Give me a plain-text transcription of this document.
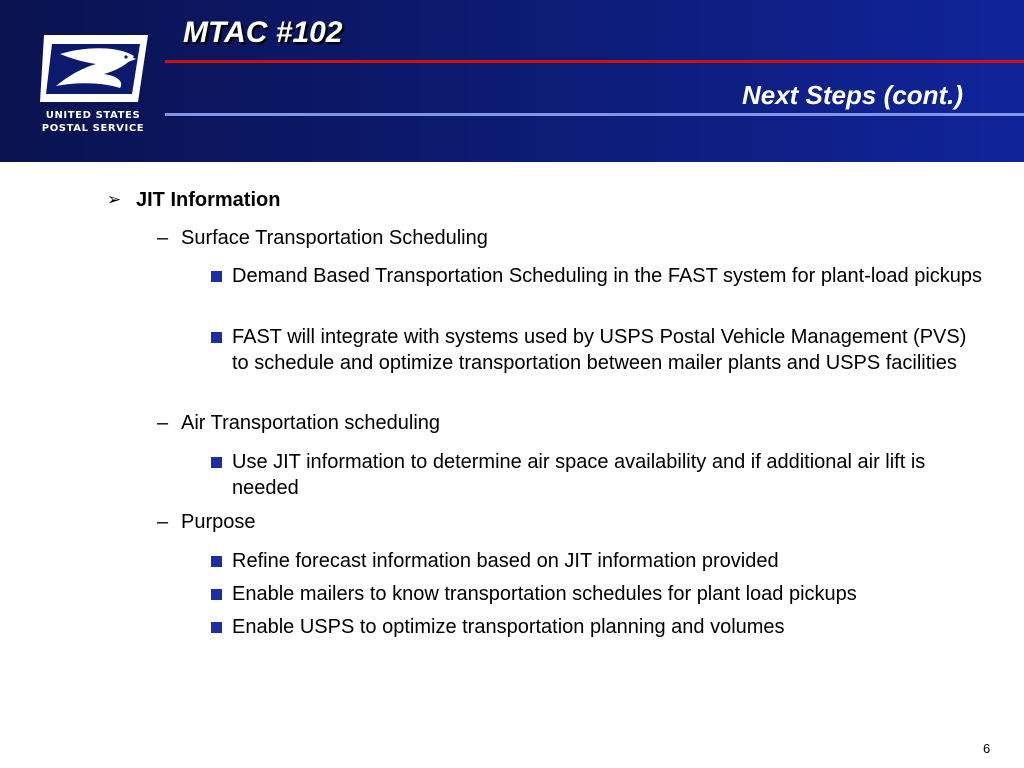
UNITED STATES
POSTAL SERVICE
MTAC #102
Next Steps (cont.)
➢ JIT Information
– Surface Transportation Scheduling
Demand Based Transportation Scheduling in the FAST system for plant-load pickups
FAST will integrate with systems used by USPS Postal Vehicle Management (PVS) to schedule and optimize transportation between mailer plants and USPS facilities
– Air Transportation scheduling
Use JIT information to determine air space availability and if additional air lift is needed
– Purpose
Refine forecast information based on JIT information provided
Enable mailers to know transportation schedules for plant load pickups
Enable USPS to optimize transportation planning and volumes
6
